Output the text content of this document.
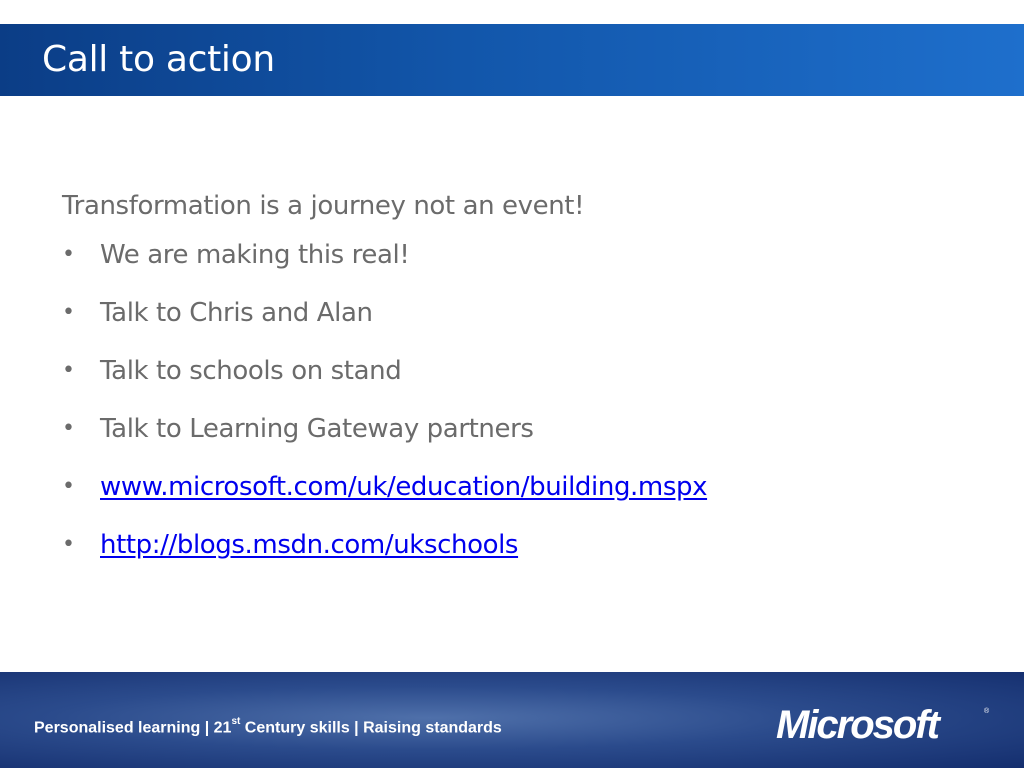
Call to action
Transformation is a journey not an event!
• We are making this real!
• Talk to Chris and Alan
• Talk to schools on stand
• Talk to Learning Gateway partners
• www.microsoft.com/uk/education/building.mspx
• http://blogs.msdn.com/ukschools
Personalised learning | 21st Century skills | Raising standards	Microsoft	®
